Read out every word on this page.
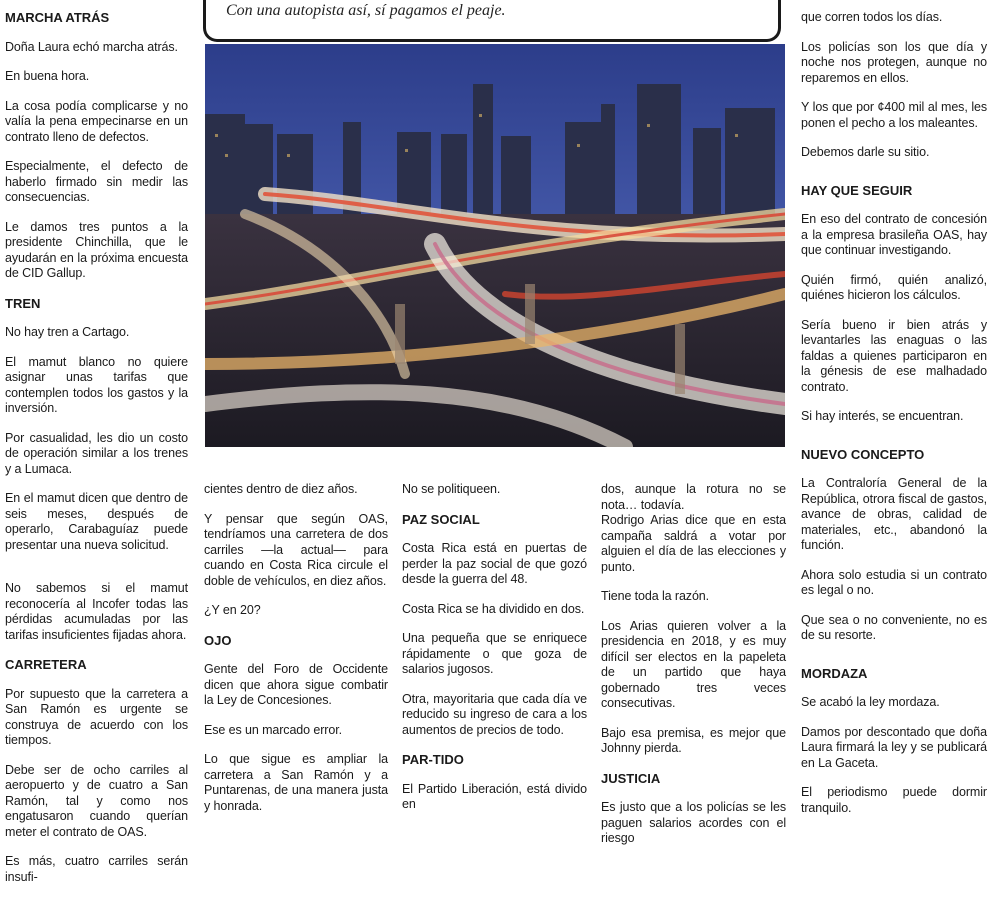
Con una autopista así, sí pagamos el peaje.
MARCHA ATRÁS

Doña Laura echó marcha atrás.

En buena hora.

La cosa podía complicarse y no valía la pena empecinarse en un contrato lleno de defectos.

Especialmente, el defecto de haberlo firmado sin medir las consecuencias.

Le damos tres puntos a la presidente Chinchilla, que le ayudarán en la próxima encuesta de CID Gallup.

TREN

No hay tren a Cartago.

El mamut blanco no quiere asignar unas tarifas que contemplen todos los gastos y la inversión.

Por casualidad, les dio un costo de operación similar a los trenes y a Lumaca.

En el mamut dicen que dentro de seis meses, después de operarlo, Carabaguíaz puede presentar una nueva solicitud.

No sabemos si el mamut reconocería al Incofer todas las pérdidas acumuladas por las tarifas insuficientes fijadas ahora.

CARRETERA

Por supuesto que la carretera a San Ramón es urgente se construya de acuerdo con los tiempos.

Debe ser de ocho carriles al aeropuerto y de cuatro a San Ramón, tal y como nos engatusaron cuando querían meter el contrato de OAS.

Es más, cuatro carriles serán insufi-

cientes dentro de diez años.

Y pensar que según OAS, tendríamos una carretera de dos carriles —la actual— para cuando en Costa Rica circule el doble de vehículos, en diez años.

¿Y en 20?

OJO

Gente del Foro de Occidente dicen que ahora sigue combatir la Ley de Concesiones.

Ese es un marcado error.

Lo que sigue es ampliar la carretera a San Ramón y a Puntarenas, de una manera justa y honrada.

No se politiqueen.

PAZ SOCIAL

Costa Rica está en puertas de perder la paz social de que gozó desde la guerra del 48.

Costa Rica se ha dividido en dos.

Una pequeña que se enriquece rápidamente o que goza de salarios jugosos.

Otra, mayoritaria que cada día ve reducido su ingreso de cara a los aumentos de precios de todo.

PAR-TIDO

El Partido Liberación, está divido en

dos, aunque la rotura no se nota… todavía.

Rodrigo Arias dice que en esta campaña saldrá a votar por alguien el día de las elecciones y punto.

Tiene toda la razón.

Los Arias quieren volver a la presidencia en 2018, y es muy difícil ser electos en la papeleta de un partido que haya gobernado tres veces consecutivas.

Bajo esa premisa, es mejor que Johnny pierda.

JUSTICIA

Es justo que a los policías se les paguen salarios acordes con el riesgo

que corren todos los días.

Los policías son los que día y noche nos protegen, aunque no reparemos en ellos.

Y los que por ¢400 mil al mes, les ponen el pecho a los maleantes.

Debemos darle su sitio.

HAY QUE SEGUIR

En eso del contrato de concesión a la empresa brasileña OAS, hay que continuar investigando.

Quién firmó, quién analizó, quiénes hicieron los cálculos.

Sería bueno ir bien atrás y levantarles las enaguas o las faldas a quienes participaron en la génesis de ese malhadado contrato.

Si hay interés, se encuentran.

NUEVO CONCEPTO

La Contraloría General de la República, otrora fiscal de gastos, avance de obras, calidad de materiales, etc., abandonó la función.

Ahora solo estudia si un contrato es legal o no.

Que sea o no conveniente, no es de su resorte.

MORDAZA

Se acabó la ley mordaza.

Damos por descontado que doña Laura firmará la ley y se publicará en La Gaceta.

El periodismo puede dormir tranquilo.
